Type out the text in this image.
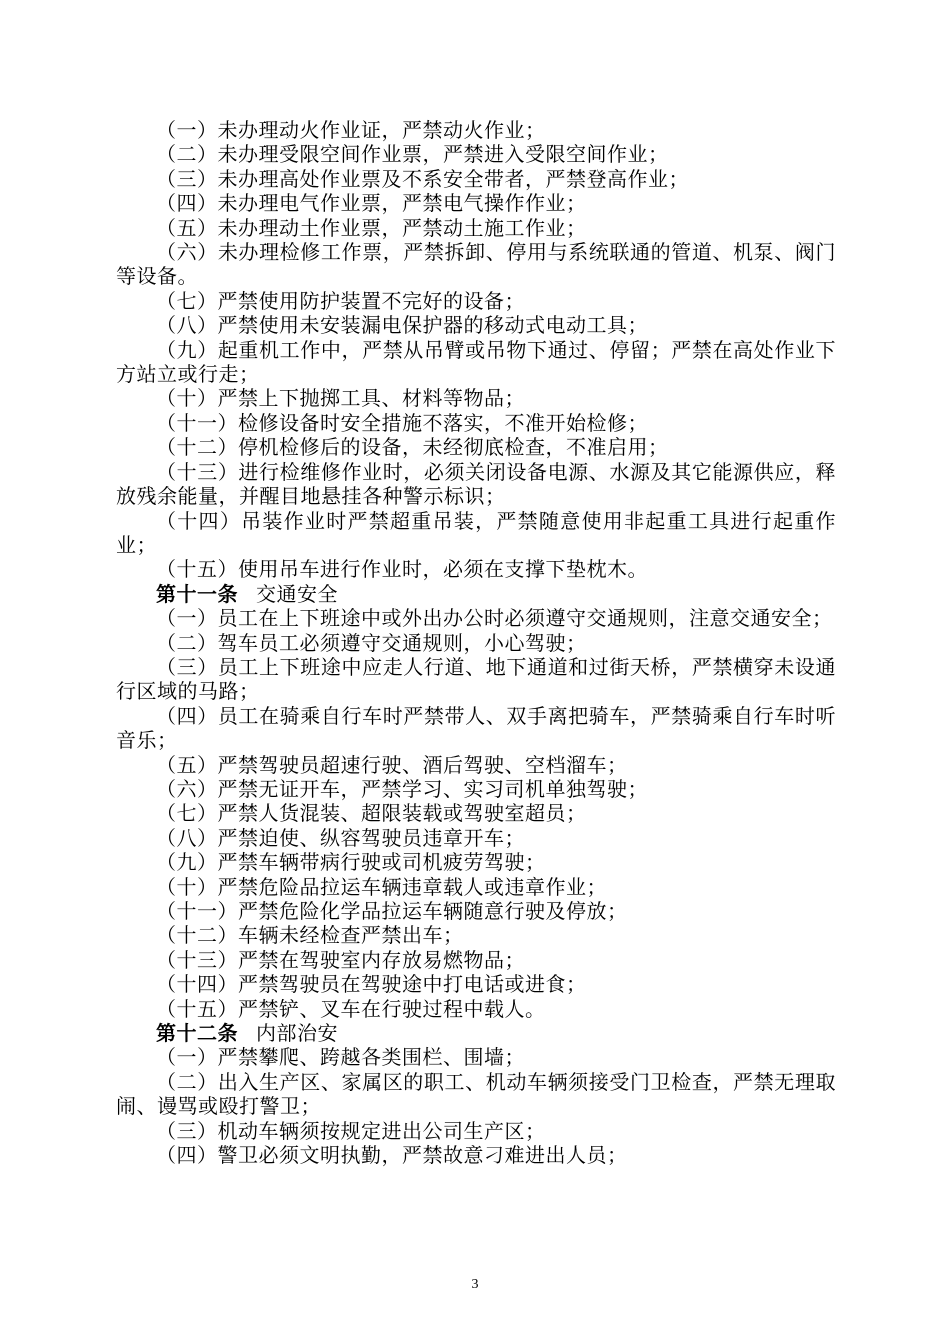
（一）未办理动火作业证，严禁动火作业；

（二）未办理受限空间作业票，严禁进入受限空间作业；

（三）未办理高处作业票及不系安全带者，严禁登高作业；

（四）未办理电气作业票，严禁电气操作作业；

（五）未办理动土作业票，严禁动土施工作业；

（六）未办理检修工作票，严禁拆卸、停用与系统联通的管道、机泵、阀门等设备。

（七）严禁使用防护装置不完好的设备；

（八）严禁使用未安装漏电保护器的移动式电动工具；

（九）起重机工作中，严禁从吊臂或吊物下通过、停留；严禁在高处作业下方站立或行走；

（十）严禁上下抛掷工具、材料等物品；

（十一）检修设备时安全措施不落实，不准开始检修；

（十二）停机检修后的设备，未经彻底检查，不准启用；

（十三）进行检维修作业时，必须关闭设备电源、水源及其它能源供应，释放残余能量，并醒目地悬挂各种警示标识；

（十四）吊装作业时严禁超重吊装，严禁随意使用非起重工具进行起重作业；

（十五）使用吊车进行作业时，必须在支撑下垫枕木。

第十一条 交通安全

（一）员工在上下班途中或外出办公时必须遵守交通规则，注意交通安全；

（二）驾车员工必须遵守交通规则，小心驾驶；

（三）员工上下班途中应走人行道、地下通道和过街天桥，严禁横穿未设通行区域的马路；

（四）员工在骑乘自行车时严禁带人、双手离把骑车，严禁骑乘自行车时听音乐；

（五）严禁驾驶员超速行驶、酒后驾驶、空档溜车；

（六）严禁无证开车，严禁学习、实习司机单独驾驶；

（七）严禁人货混装、超限装载或驾驶室超员；

（八）严禁迫使、纵容驾驶员违章开车；

（九）严禁车辆带病行驶或司机疲劳驾驶；

（十）严禁危险品拉运车辆违章载人或违章作业；

（十一）严禁危险化学品拉运车辆随意行驶及停放；

（十二）车辆未经检查严禁出车；

（十三）严禁在驾驶室内存放易燃物品；

（十四）严禁驾驶员在驾驶途中打电话或进食；

（十五）严禁铲、叉车在行驶过程中载人。

第十二条 内部治安

（一）严禁攀爬、跨越各类围栏、围墙；

（二）出入生产区、家属区的职工、机动车辆须接受门卫检查，严禁无理取闹、谩骂或殴打警卫；

（三）机动车辆须按规定进出公司生产区；

（四）警卫必须文明执勤，严禁故意刁难进出人员；

3
